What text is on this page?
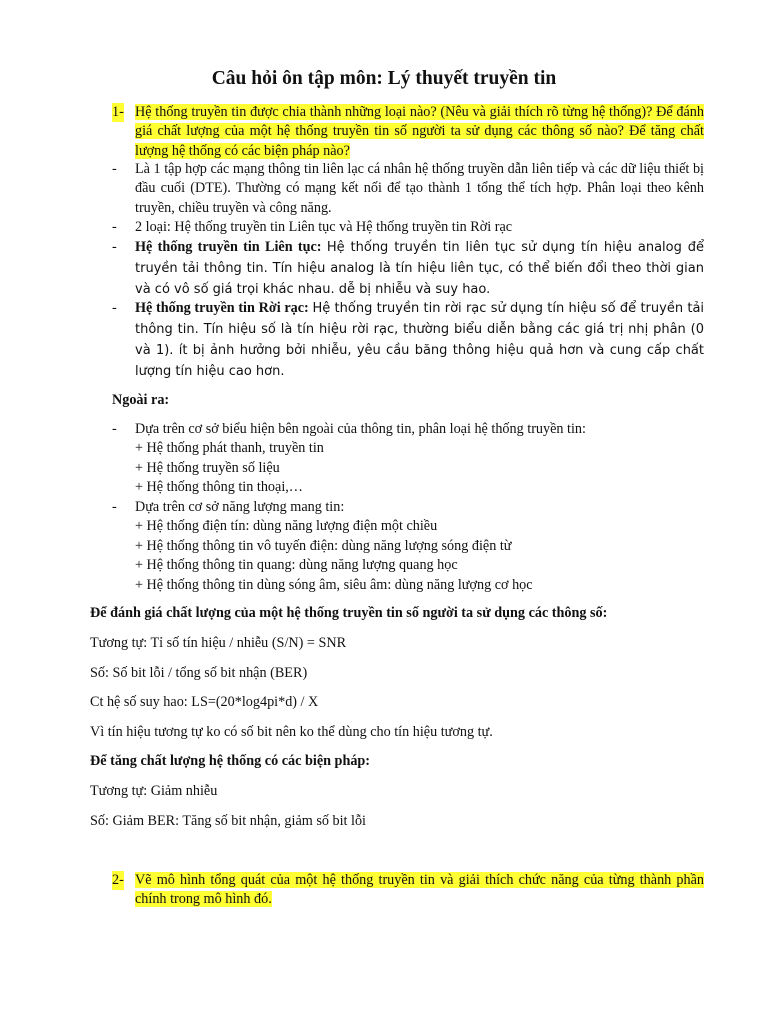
Câu hỏi ôn tập môn: Lý thuyết truyền tin
1- Hệ thống truyền tin được chia thành những loại nào? (Nêu và giải thích rõ từng hệ thống)? Để đánh giá chất lượng của một hệ thống truyền tin số người ta sử dụng các thông số nào? Để tăng chất lượng hệ thống có các biện pháp nào?
- Là 1 tập hợp các mạng thông tin liên lạc cá nhân hệ thống truyền dẫn liên tiếp và các dữ liệu thiết bị đầu cuối (DTE). Thường có mạng kết nối để tạo thành 1 tổng thể tích hợp. Phân loại theo kênh truyền, chiều truyền và công năng.
- 2 loại: Hệ thống truyền tin Liên tục và Hệ thống truyền tin Rời rạc
- Hệ thống truyền tin Liên tục: Hệ thống truyền tin liên tục sử dụng tín hiệu analog để truyền tải thông tin. Tín hiệu analog là tín hiệu liên tục, có thể biến đổi theo thời gian và có vô số giá trọi khác nhau. dễ bị nhiễu và suy hao.
- Hệ thống truyền tin Rời rạc: Hệ thống truyền tin rời rạc sử dụng tín hiệu số để truyền tải thông tin. Tín hiệu số là tín hiệu rời rạc, thường biểu diễn bằng các giá trị nhị phân (0 và 1). ít bị ảnh hưởng bởi nhiễu, yêu cầu băng thông hiệu quả hơn và cung cấp chất lượng tín hiệu cao hơn.
Ngoài ra:
- Dựa trên cơ sở biểu hiện bên ngoài của thông tin, phân loại hệ thống truyền tin:
+ Hệ thống phát thanh, truyền tin
+ Hệ thống truyền số liệu
+ Hệ thống thông tin thoại,…
- Dựa trên cơ sở năng lượng mang tin:
+ Hệ thống điện tín: dùng năng lượng điện một chiều
+ Hệ thống thông tin vô tuyến điện: dùng năng lượng sóng điện từ
+ Hệ thống thông tin quang: dùng năng lượng quang học
+ Hệ thống thông tin dùng sóng âm, siêu âm: dùng năng lượng cơ học
Để đánh giá chất lượng của một hệ thống truyền tin số người ta sử dụng các thông số:
Tương tự: Tỉ số tín hiệu / nhiễu (S/N) = SNR
Số: Số bit lỗi / tổng số bit nhận (BER)
Ct hệ số suy hao: LS=(20*log4pi*d) / X
Vì tín hiệu tương tự ko có số bit nên ko thể dùng cho tín hiệu tương tự.
Để tăng chất lượng hệ thống có các biện pháp:
Tương tự: Giảm nhiễu
Số: Giảm BER: Tăng số bit nhận, giảm số bit lỗi
2- Vẽ mô hình tổng quát của một hệ thống truyền tin và giải thích chức năng của từng thành phần chính trong mô hình đó.
